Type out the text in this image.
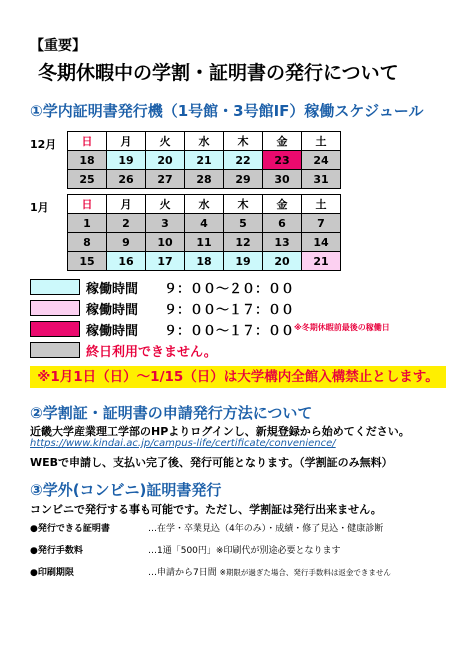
【重要】
冬期休暇中の学割・証明書の発行について
①学内証明書発行機（1号館・3号館IF）稼働スケジュール
12月 日	月	火	水	木	金	土
18	19	20	21	22	23	24
25	26	27	28	29	30	31
1月	日	月	火	水	木	金	土
1	2	3	4	5	6	7
8	9	10	11	12	13	14
15	16	17	18	19	20	21
稼働時間　　９：００～２０：００
稼働時間　　９：００～１７：００
稼働時間　　９：００～１７：００ ※冬期休暇前最後の稼働日
終日利用できません。
※1月1日（日）～1/15（日）は大学構内全館入構禁止とします。
②学割証・証明書の申請発行方法について
近畿大学産業理工学部のHPよりログインし、新規登録から始めてください。
https://www.kindai.ac.jp/campus-life/certificate/convenience/
WEBで申請し、支払い完了後、発行可能となります。（学割証のみ無料）
③学外(コンビニ)証明書発行
コンビニで発行する事も可能です。ただし、学割証は発行出来ません。
●発行できる証明書	…在学・卒業見込（4年のみ）・成績・修了見込・健康診断
●発行手数料	…1通「500円」※印刷代が別途必要となります
●印刷期限	…申請から7日間 ※期限が過ぎた場合、発行手数料は返金できません
